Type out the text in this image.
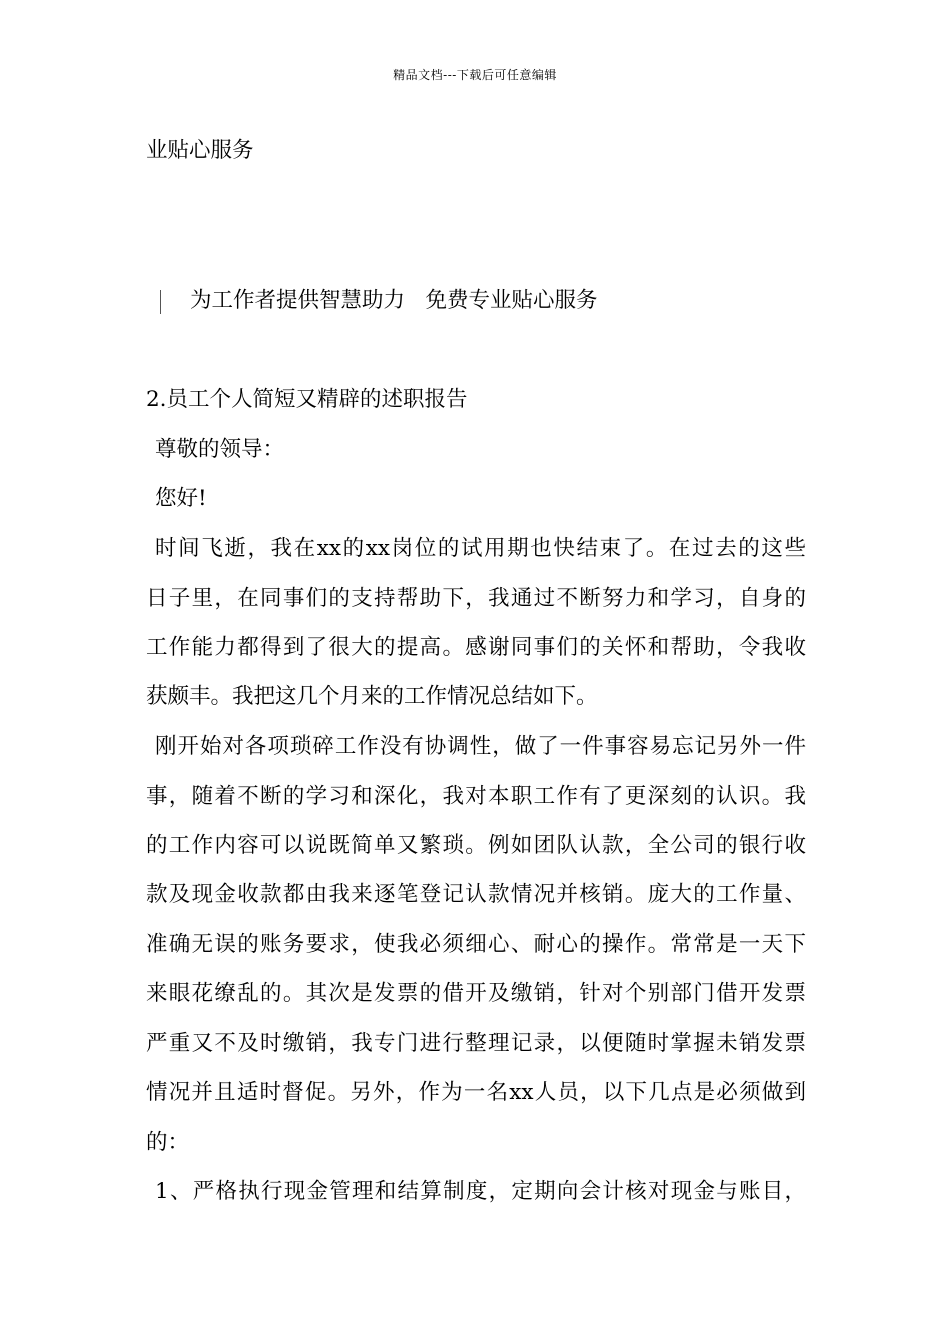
精品文档---下载后可任意编辑
业贴心服务
为工作者提供智慧助力   免费专业贴心服务
2.员工个人简短又精辟的述职报告
尊敬的领导：
您好!
时间飞逝，我在xx的xx岗位的试用期也快结束了。在过去的这些
日子里，在同事们的支持帮助下，我通过不断努力和学习，自身的
工作能力都得到了很大的提高。感谢同事们的关怀和帮助，令我收
获颇丰。我把这几个月来的工作情况总结如下。
刚开始对各项琐碎工作没有协调性，做了一件事容易忘记另外一件
事，随着不断的学习和深化，我对本职工作有了更深刻的认识。我
的工作内容可以说既简单又繁琐。例如团队认款，全公司的银行收
款及现金收款都由我来逐笔登记认款情况并核销。庞大的工作量、
准确无误的账务要求，使我必须细心、耐心的操作。常常是一天下
来眼花缭乱的。其次是发票的借开及缴销，针对个别部门借开发票
严重又不及时缴销，我专门进行整理记录，以便随时掌握未销发票
情况并且适时督促。另外，作为一名xx人员，以下几点是必须做到
的：
1、严格执行现金管理和结算制度，定期向会计核对现金与账目，
